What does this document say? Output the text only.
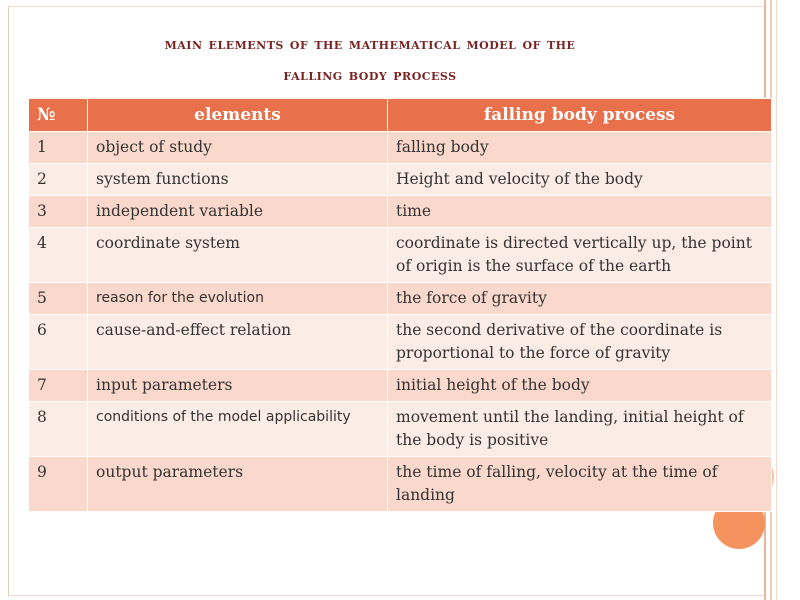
main elements of the mathematical model of the
falling body process
№	elements	falling body process
1	object of study	falling body
2	system functions	Height and velocity of the body
3	independent variable	time
4	coordinate system	coordinate is directed vertically up, the point of origin is the surface of the earth
5	reason for the evolution	the force of gravity
6	cause-and-effect relation	the second derivative of the coordinate is proportional to the force of gravity
7	input parameters	initial height of the body
8	conditions of the model applicability	movement until the landing, initial height of the body is positive
9	output parameters	the time of falling, velocity at the time of landing
